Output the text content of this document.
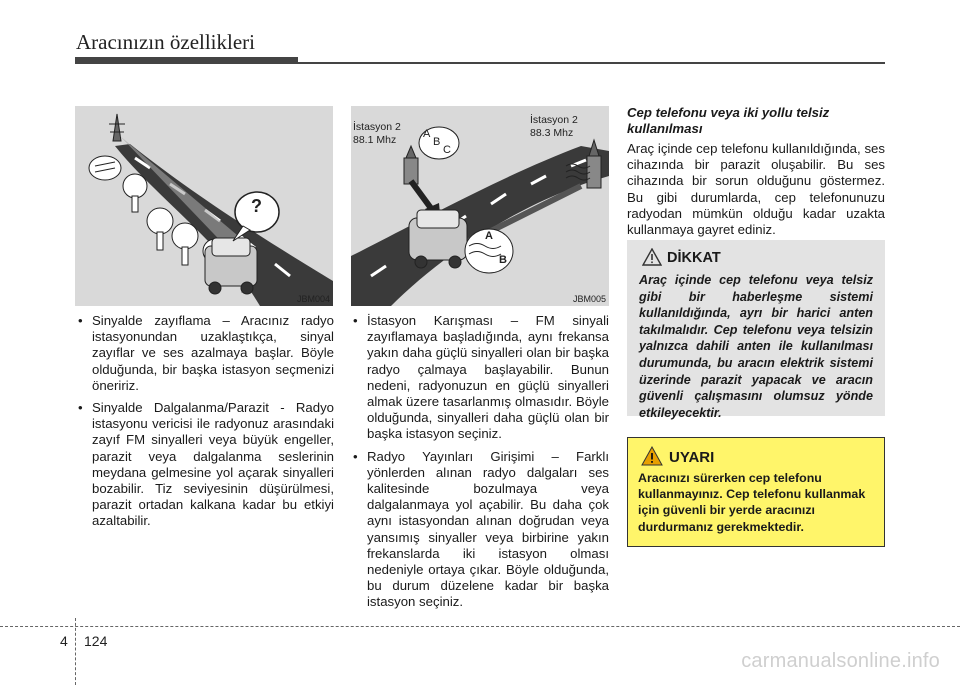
Aracınızın özellikleri
?
JBM004
İstasyon 2
88.1 Mhz
İstasyon 2
88.3 Mhz
A
B
C
A
B
JBM005
• Sinyalde zayıflama – Aracınız radyo istasyonundan uzaklaştıkça, sinyal zayıflar ve ses azalmaya başlar. Böyle olduğunda, bir başka istasyon seçmenizi öneririz.
• Sinyalde Dalgalanma/Parazit - Radyo istasyonu vericisi ile radyonuz arasındaki zayıf FM sinyalleri veya büyük engeller, parazit veya dalgalanma seslerinin meydana gelmesine yol açarak sinyalleri bozabilir. Tiz seviyesinin düşürülmesi, parazit ortadan kalkana kadar bu etkiyi azaltabilir.
• İstasyon Karışması – FM sinyali zayıflamaya başladığında, aynı frekansa yakın daha güçlü sinyalleri olan bir başka radyo çalmaya başlayabilir. Bunun nedeni, radyonuzun en güçlü sinyalleri almak üzere tasarlanmış olmasıdır. Böyle olduğunda, sinyalleri daha güçlü olan bir başka istasyon seçiniz.
• Radyo Yayınları Girişimi – Farklı yönlerden alınan radyo dalgaları ses kalitesinde bozulmaya veya dalgalanmaya yol açabilir. Bu daha çok aynı istasyondan alınan doğrudan veya yansımış sinyaller veya birbirine yakın frekanslarda iki istasyon olması nedeniyle ortaya çıkar. Böyle olduğunda, bu durum düzelene kadar bir başka istasyon seçiniz.
Cep telefonu veya iki yollu telsiz kullanılması
Araç içinde cep telefonu kullanıldığında, ses cihazında bir parazit oluşabilir. Bu ses cihazında bir sorun olduğunu göstermez. Bu gibi durumlarda, cep telefonunuzu radyodan mümkün olduğu kadar uzakta kullanmaya gayret ediniz.
DİKKAT
Araç içinde cep telefonu veya telsiz gibi bir haberleşme sistemi kullanıldığında, ayrı bir harici anten takılmalıdır. Cep telefonu veya telsizin yalnızca dahili anten ile kullanılması durumunda, bu aracın elektrik sistemi üzerinde parazit yapacak ve aracın güvenli çalışmasını olumsuz yönde etkileyecektir.
UYARI
Aracınızı sürerken cep telefonu kullanmayınız. Cep telefonu kullanmak için güvenli bir yerde aracınızı durdurmanız gerekmektedir.
4 124
carmanualsonline.info
